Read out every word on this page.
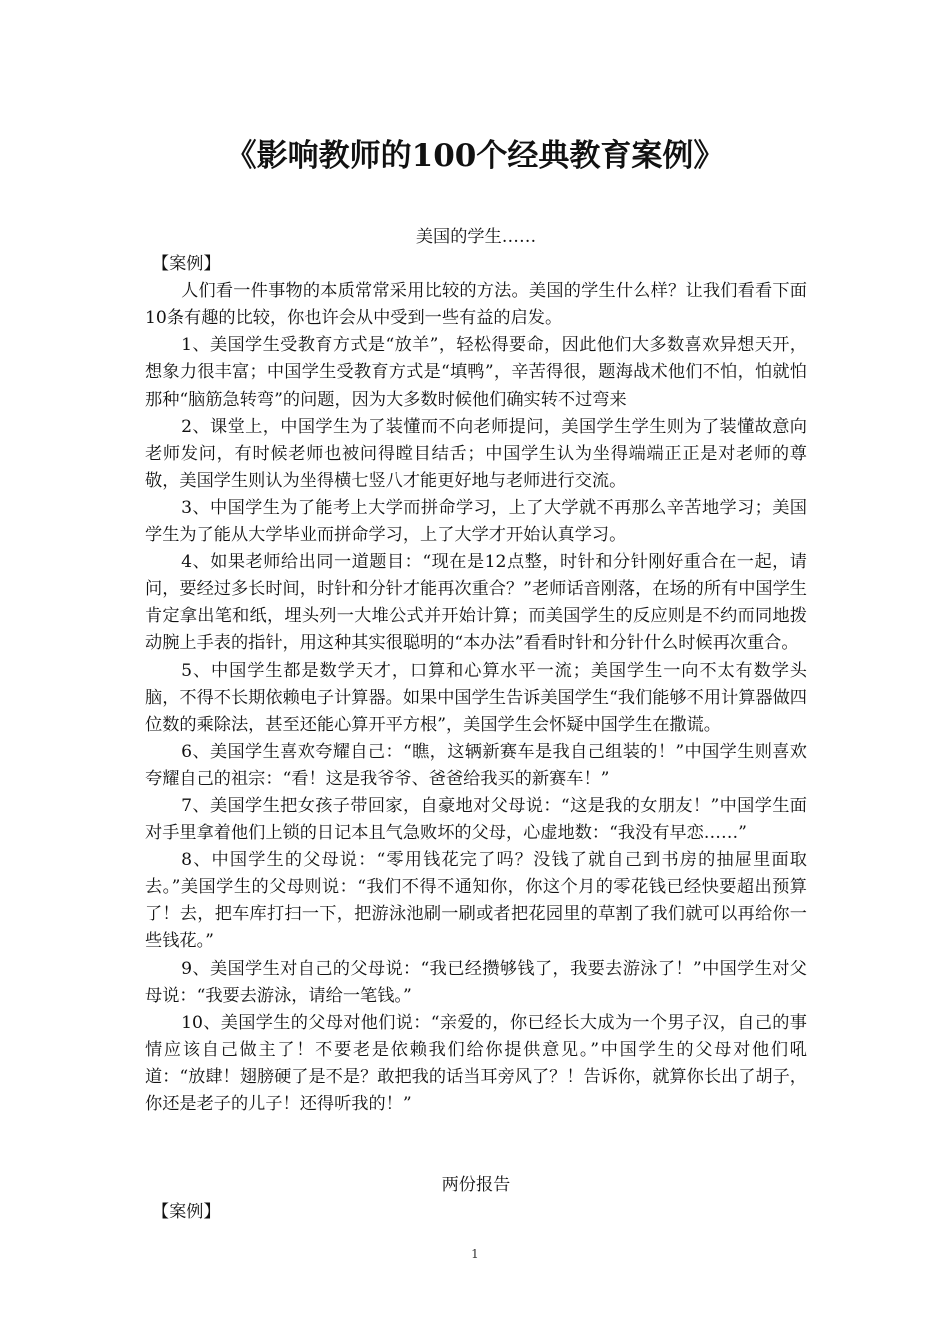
《影响教师的100个经典教育案例》

美国的学生……

【案例】

人们看一件事物的本质常常采用比较的方法。美国的学生什么样？让我们看看下面10条有趣的比较，你也许会从中受到一些有益的启发。

1、美国学生受教育方式是“放羊”，轻松得要命，因此他们大多数喜欢异想天开，想象力很丰富；中国学生受教育方式是“填鸭”，辛苦得很，题海战术他们不怕，怕就怕那种“脑筋急转弯”的问题，因为大多数时候他们确实转不过弯来

2、课堂上，中国学生为了装懂而不向老师提问，美国学生学生则为了装懂故意向老师发问，有时候老师也被问得瞠目结舌；中国学生认为坐得端端正正是对老师的尊敬，美国学生则认为坐得横七竖八才能更好地与老师进行交流。

3、中国学生为了能考上大学而拼命学习，上了大学就不再那么辛苦地学习；美国学生为了能从大学毕业而拼命学习，上了大学才开始认真学习。

4、如果老师给出同一道题目：“现在是12点整，时针和分针刚好重合在一起，请问，要经过多长时间，时针和分针才能再次重合？”老师话音刚落，在场的所有中国学生肯定拿出笔和纸，埋头列一大堆公式并开始计算；而美国学生的反应则是不约而同地拨动腕上手表的指针，用这种其实很聪明的“本办法”看看时针和分针什么时候再次重合。

5、中国学生都是数学天才，口算和心算水平一流；美国学生一向不太有数学头脑，不得不长期依赖电子计算器。如果中国学生告诉美国学生“我们能够不用计算器做四位数的乘除法，甚至还能心算开平方根”，美国学生会怀疑中国学生在撒谎。

6、美国学生喜欢夸耀自己：“瞧，这辆新赛车是我自己组装的！”中国学生则喜欢夸耀自己的祖宗：“看！这是我爷爷、爸爸给我买的新赛车！”

7、美国学生把女孩子带回家，自豪地对父母说：“这是我的女朋友！”中国学生面对手里拿着他们上锁的日记本且气急败坏的父母，心虚地数：“我没有早恋……”

8、中国学生的父母说：“零用钱花完了吗？没钱了就自己到书房的抽屉里面取去。”美国学生的父母则说：“我们不得不通知你，你这个月的零花钱已经快要超出预算了！去，把车库打扫一下，把游泳池刷一刷或者把花园里的草割了我们就可以再给你一些钱花。”

9、美国学生对自己的父母说：“我已经攒够钱了，我要去游泳了！”中国学生对父母说：“我要去游泳，请给一笔钱。”

10、美国学生的父母对他们说：“亲爱的，你已经长大成为一个男子汉，自己的事情应该自己做主了！不要老是依赖我们给你提供意见。”中国学生的父母对他们吼道：“放肆！翅膀硬了是不是？敢把我的话当耳旁风了？！告诉你，就算你长出了胡子，你还是老子的儿子！还得听我的！”

两份报告

【案例】

1
